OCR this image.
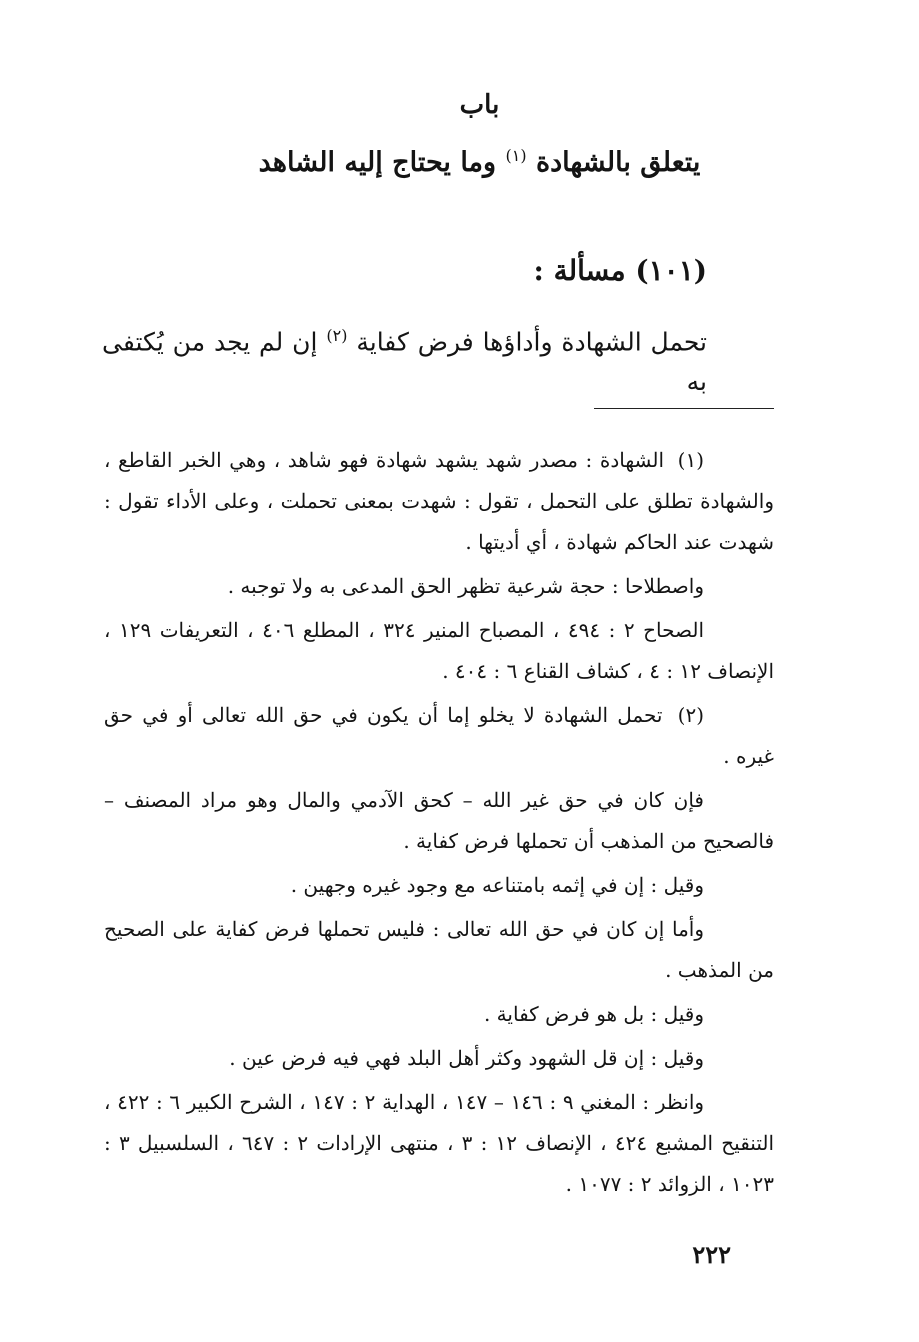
باب
يتعلق بالشهادة $^{(١)}$ وما يحتاج إليه الشاهد
(١٠١) مسألة :
تحمل الشهادة وأداؤها فرض كفاية $^{(٢)}$ إن لم يجد من يُكتفى به

(١) الشهادة : مصدر شهد يشهد شهادة فهو شاهد ، وهي الخبر القاطع ، والشهادة تطلق على التحمل ، تقول : شهدت بمعنى تحملت ، وعلى الأداء تقول : شهدت عند الحاكم شهادة ، أي أديتها .

واصطلاحا : حجة شرعية تظهر الحق المدعى به ولا توجبه .

الصحاح ٢ : ٤٩٤ ، المصباح المنير ٣٢٤ ، المطلع ٤٠٦ ، التعريفات ١٢٩ ، الإنصاف ١٢ : ٤ ، كشاف القناع ٦ : ٤٠٤ .

(٢) تحمل الشهادة لا يخلو إما أن يكون في حق الله تعالى أو في حق غيره .

فإن كان في حق غير الله – كحق الآدمي والمال وهو مراد المصنف – فالصحيح من المذهب أن تحملها فرض كفاية .

وقيل : إن في إثمه بامتناعه مع وجود غيره وجهين .

وأما إن كان في حق الله تعالى : فليس تحملها فرض كفاية على الصحيح من المذهب .

وقيل : بل هو فرض كفاية .

وقيل : إن قل الشهود وكثر أهل البلد فهي فيه فرض عين .

وانظر : المغني ٩ : ١٤٦ – ١٤٧ ، الهداية ٢ : ١٤٧ ، الشرح الكبير ٦ : ٤٢٢ ، التنقيح المشبع ٤٢٤ ، الإنصاف ١٢ : ٣ ، منتهى الإرادات ٢ : ٦٤٧ ، السلسبيل ٣ : ١٠٢٣ ، الزوائد ٢ : ١٠٧٧ .

٢٢٢
